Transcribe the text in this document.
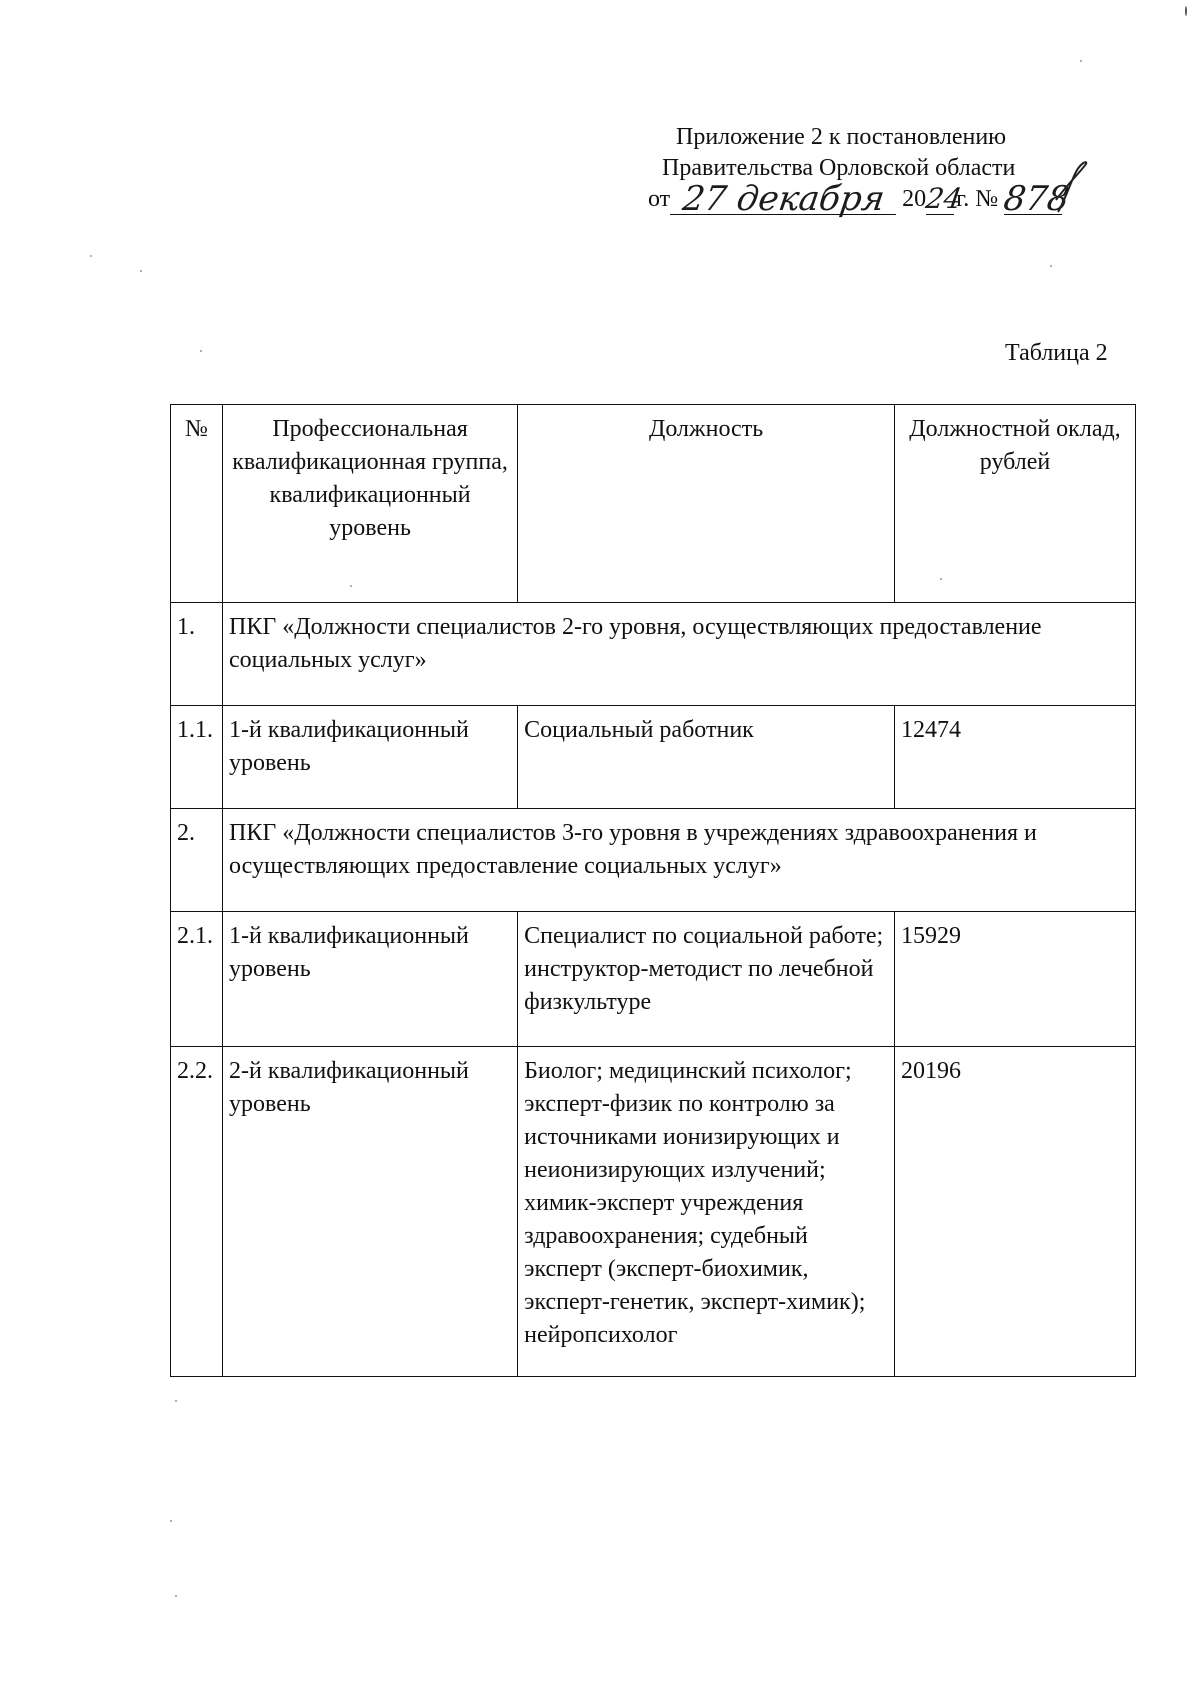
Приложение 2 к постановлению
Правительства Орловской области
от 27 декабря 20
24
г. № 878
Таблица 2
№	Профессиональная квалификационная группа, квалификационный уровень	Должность	Должностной оклад, рублей
1.	ПКГ «Должности специалистов 2-го уровня, осуществляющих предоставление социальных услуг»		
1.1.	1-й квалификационный уровень	Социальный работник	12474
2.	ПКГ «Должности специалистов 3-го уровня в учреждениях здравоохранения и осуществляющих предоставление социальных услуг»		
2.1.	1-й квалификационный уровень	Специалист по социальной работе; инструктор-методист по лечебной физкультуре	15929
2.2.	2-й квалификационный уровень	Биолог; медицинский психолог; эксперт-физик по контролю за источниками ионизирующих и неионизирующих излучений; химик-эксперт учреждения здравоохранения; судебный эксперт (эксперт-биохимик, эксперт-генетик, эксперт-химик); нейропсихолог	20196
